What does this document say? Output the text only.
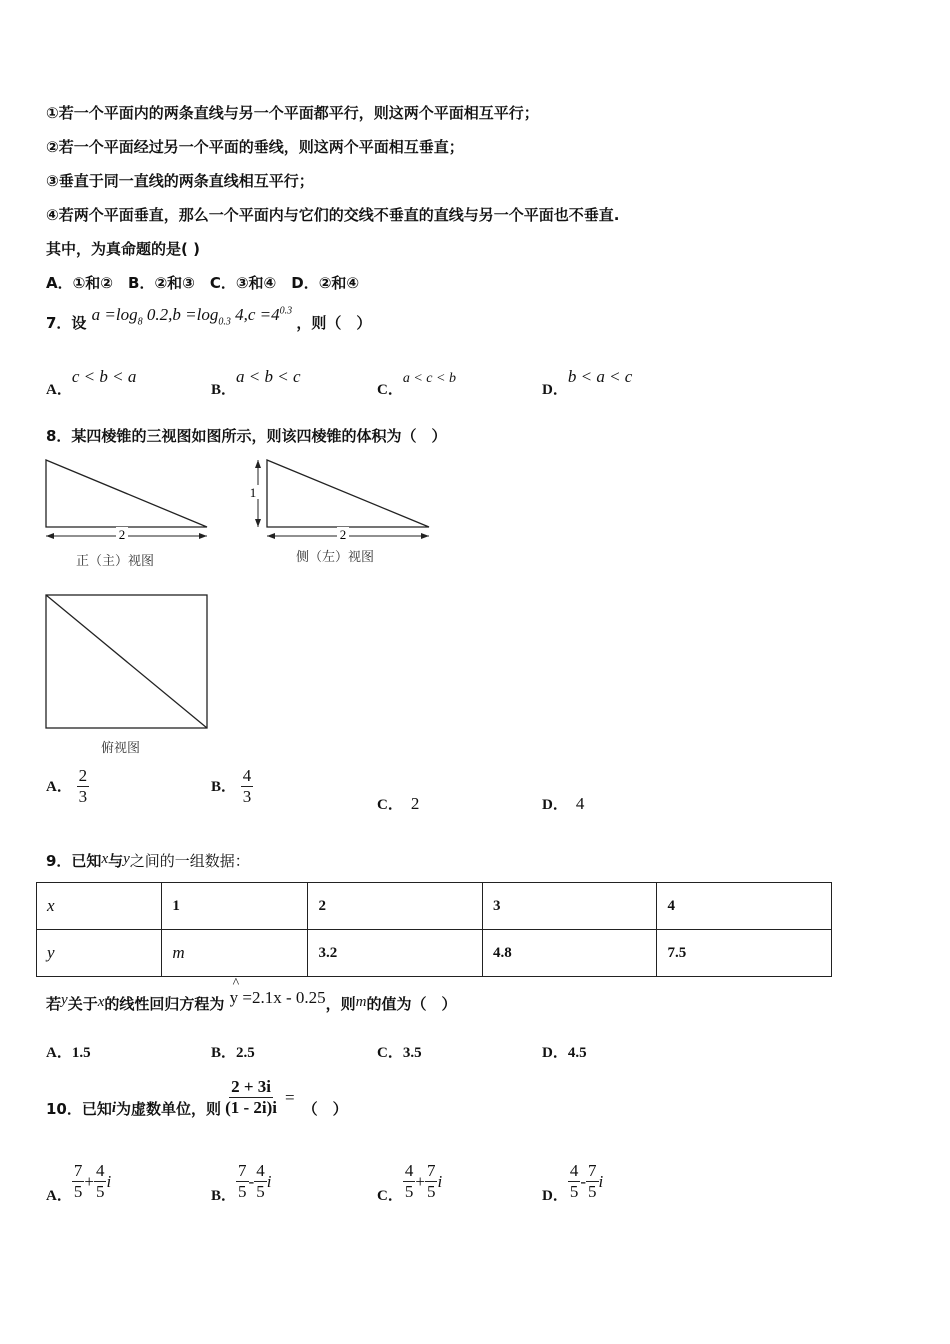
①若一个平面内的两条直线与另一个平面都平行，则这两个平面相互平行；
②若一个平面经过另一个平面的垂线，则这两个平面相互垂直；
③垂直于同一直线的两条直线相互平行；
④若两个平面垂直，那么一个平面内与它们的交线不垂直的直线与另一个平面也不垂直.
其中，为真命题的是( )
A．①和②　B．②和③　C．③和④　D．②和④
7．设 $a =\log_8$ $0.2,b =\log_{0.3}$ $4,c =4^{0.3}$ ，则（　）
A．c < b < a
B．a < b < c
C．a < c < b
D．b < a < c
8．某四棱锥的三视图如图所示，则该四棱锥的体积为（　）
2
正（主）视图
1
2
侧（左）视图
俯视图
A． $\frac{2}{3}$	B． $\frac{4}{3}$	C． 2	D． 4
9．已知x与y之间的一组数据：
x	1	2	3	4
y	m	3.2	4.8	7.5
若y关于x的线性回归方程为
^
y =2.1x - 0.25，则m的值为（　）
A．1.5	B．2.5	C．3.5	D．4.5
10．已知 i 为虚数单位，则 $\frac{2 + 3i}{(1 - 2i)i}$ =
（　）
A． $\frac{7}{5} + \frac{4}{5}$ i
B． $\frac{7}{5} - \frac{4}{5}$ i
C． $\frac{4}{5} + \frac{7}{5}$ i
D． $\frac{4}{5} - \frac{7}{5}$ i
